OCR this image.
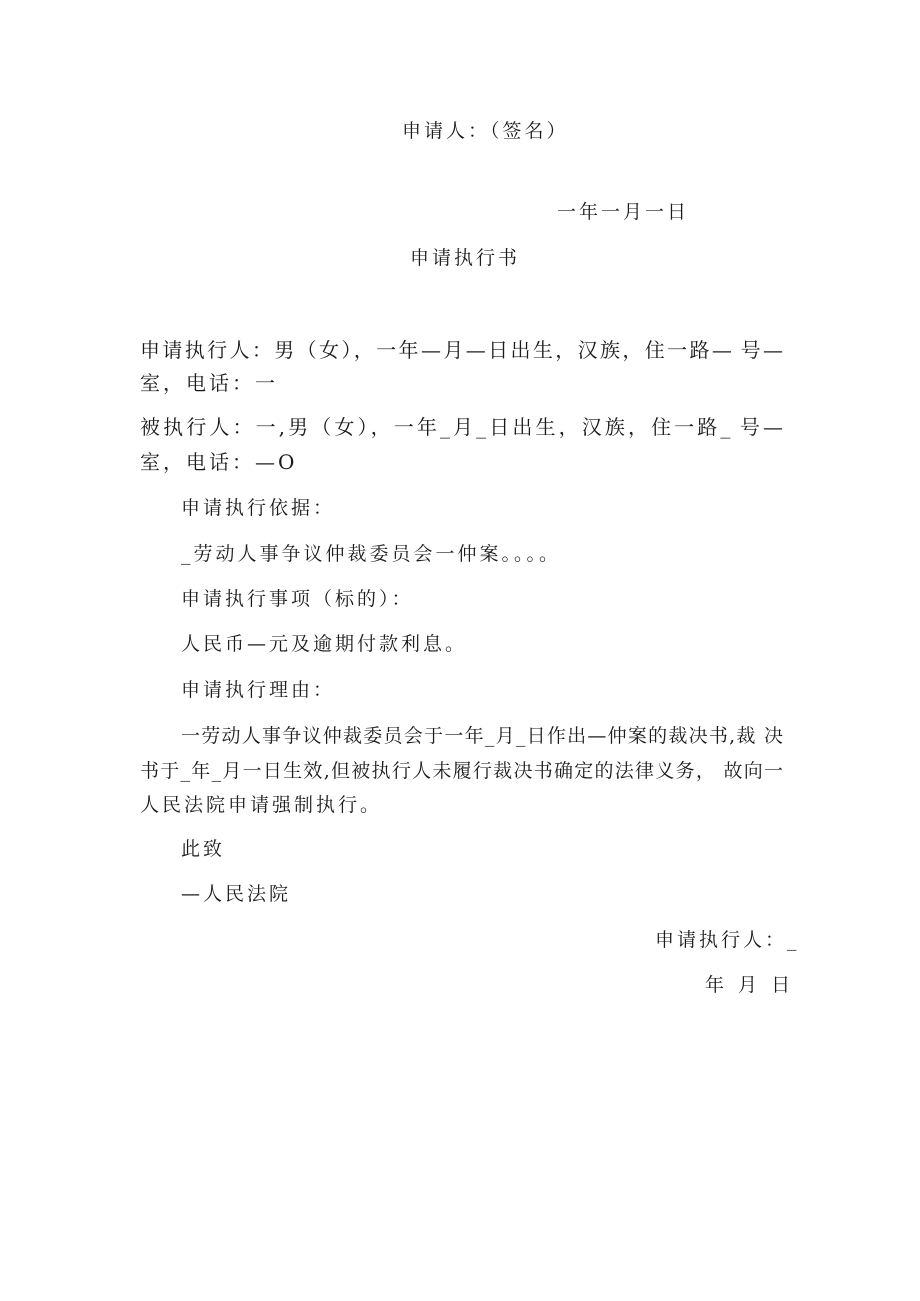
申请人：（签名）
一年一月一日
申请执行书
申请执行人：男（女），一年—月—日出生，汉族，住一路— 号—
室，电话：一
被执行人：一,男（女），一年_月_日出生，汉族，住一路_ 号—
室，电话：—O
申请执行依据：
_劳动人事争议仲裁委员会一仲案。。。。
申请执行事项（标的）：
人民币—元及逾期付款利息。
申请执行理由：
一劳动人事争议仲裁委员会于一年_月_日作出—仲案的裁决书,裁 决
书于_年_月一日生效,但被执行人未履行裁决书确定的法律义务， 故向一
人民法院申请强制执行。
此致
—人民法院
申请执行人：_
年 月 日
